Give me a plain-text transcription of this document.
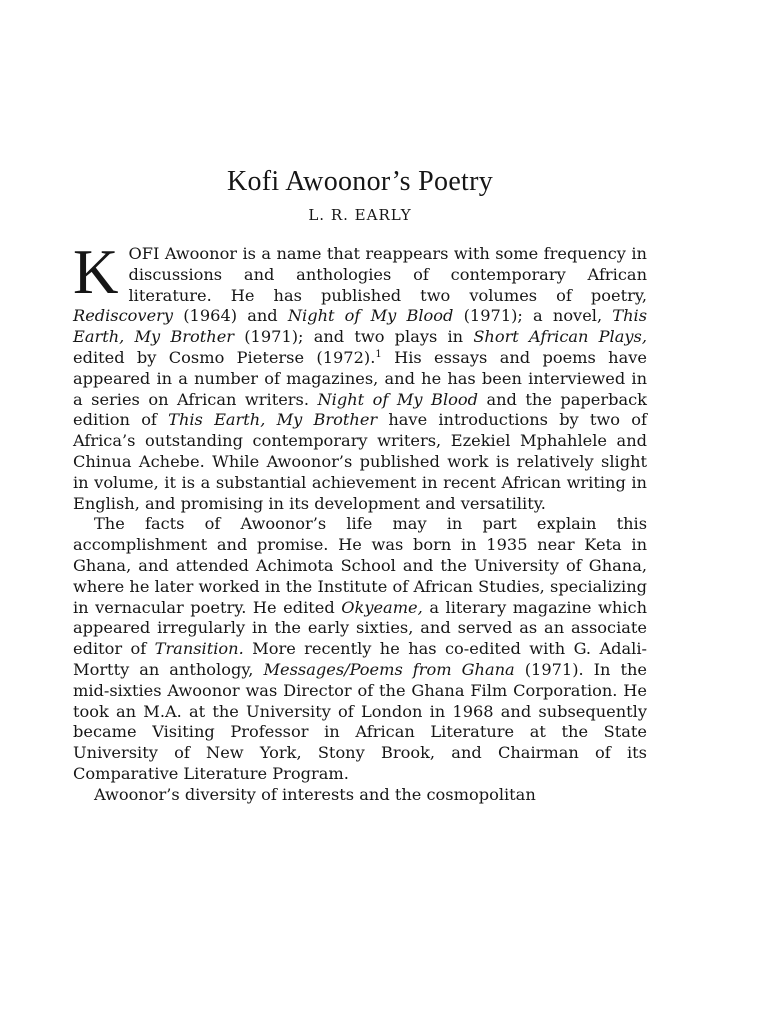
Kofi Awoonor’s Poetry
L. R. EARLY

KOFI Awoonor is a name that reappears with some frequency in discussions and anthologies of contemporary African literature. He has published two volumes of poetry, Rediscovery (1964) and Night of My Blood (1971); a novel, This Earth, My Brother (1971); and two plays in Short African Plays, edited by Cosmo Pieterse (1972).$^1$ His essays and poems have appeared in a number of magazines, and he has been interviewed in a series on African writers. Night of My Blood and the paperback edition of This Earth, My Brother have introductions by two of Africa’s outstanding contemporary writers, Ezekiel Mphahlele and Chinua Achebe. While Awoonor’s published work is relatively slight in volume, it is a substantial achievement in recent African writing in English, and promising in its development and versatility.

The facts of Awoonor’s life may in part explain this accomplishment and promise. He was born in 1935 near Keta in Ghana, and attended Achimota School and the University of Ghana, where he later worked in the Institute of African Studies, specializing in vernacular poetry. He edited Okyeame, a literary magazine which appeared irregularly in the early sixties, and served as an associate editor of Transition. More recently he has co-edited with G. Adali-Mortty an anthology, Messages/Poems from Ghana (1971). In the mid-sixties Awoonor was Director of the Ghana Film Corporation. He took an M.A. at the University of London in 1968 and subsequently became Visiting Professor in African Literature at the State University of New York, Stony Brook, and Chairman of its Comparative Literature Program.

Awoonor’s diversity of interests and the cosmopolitan
